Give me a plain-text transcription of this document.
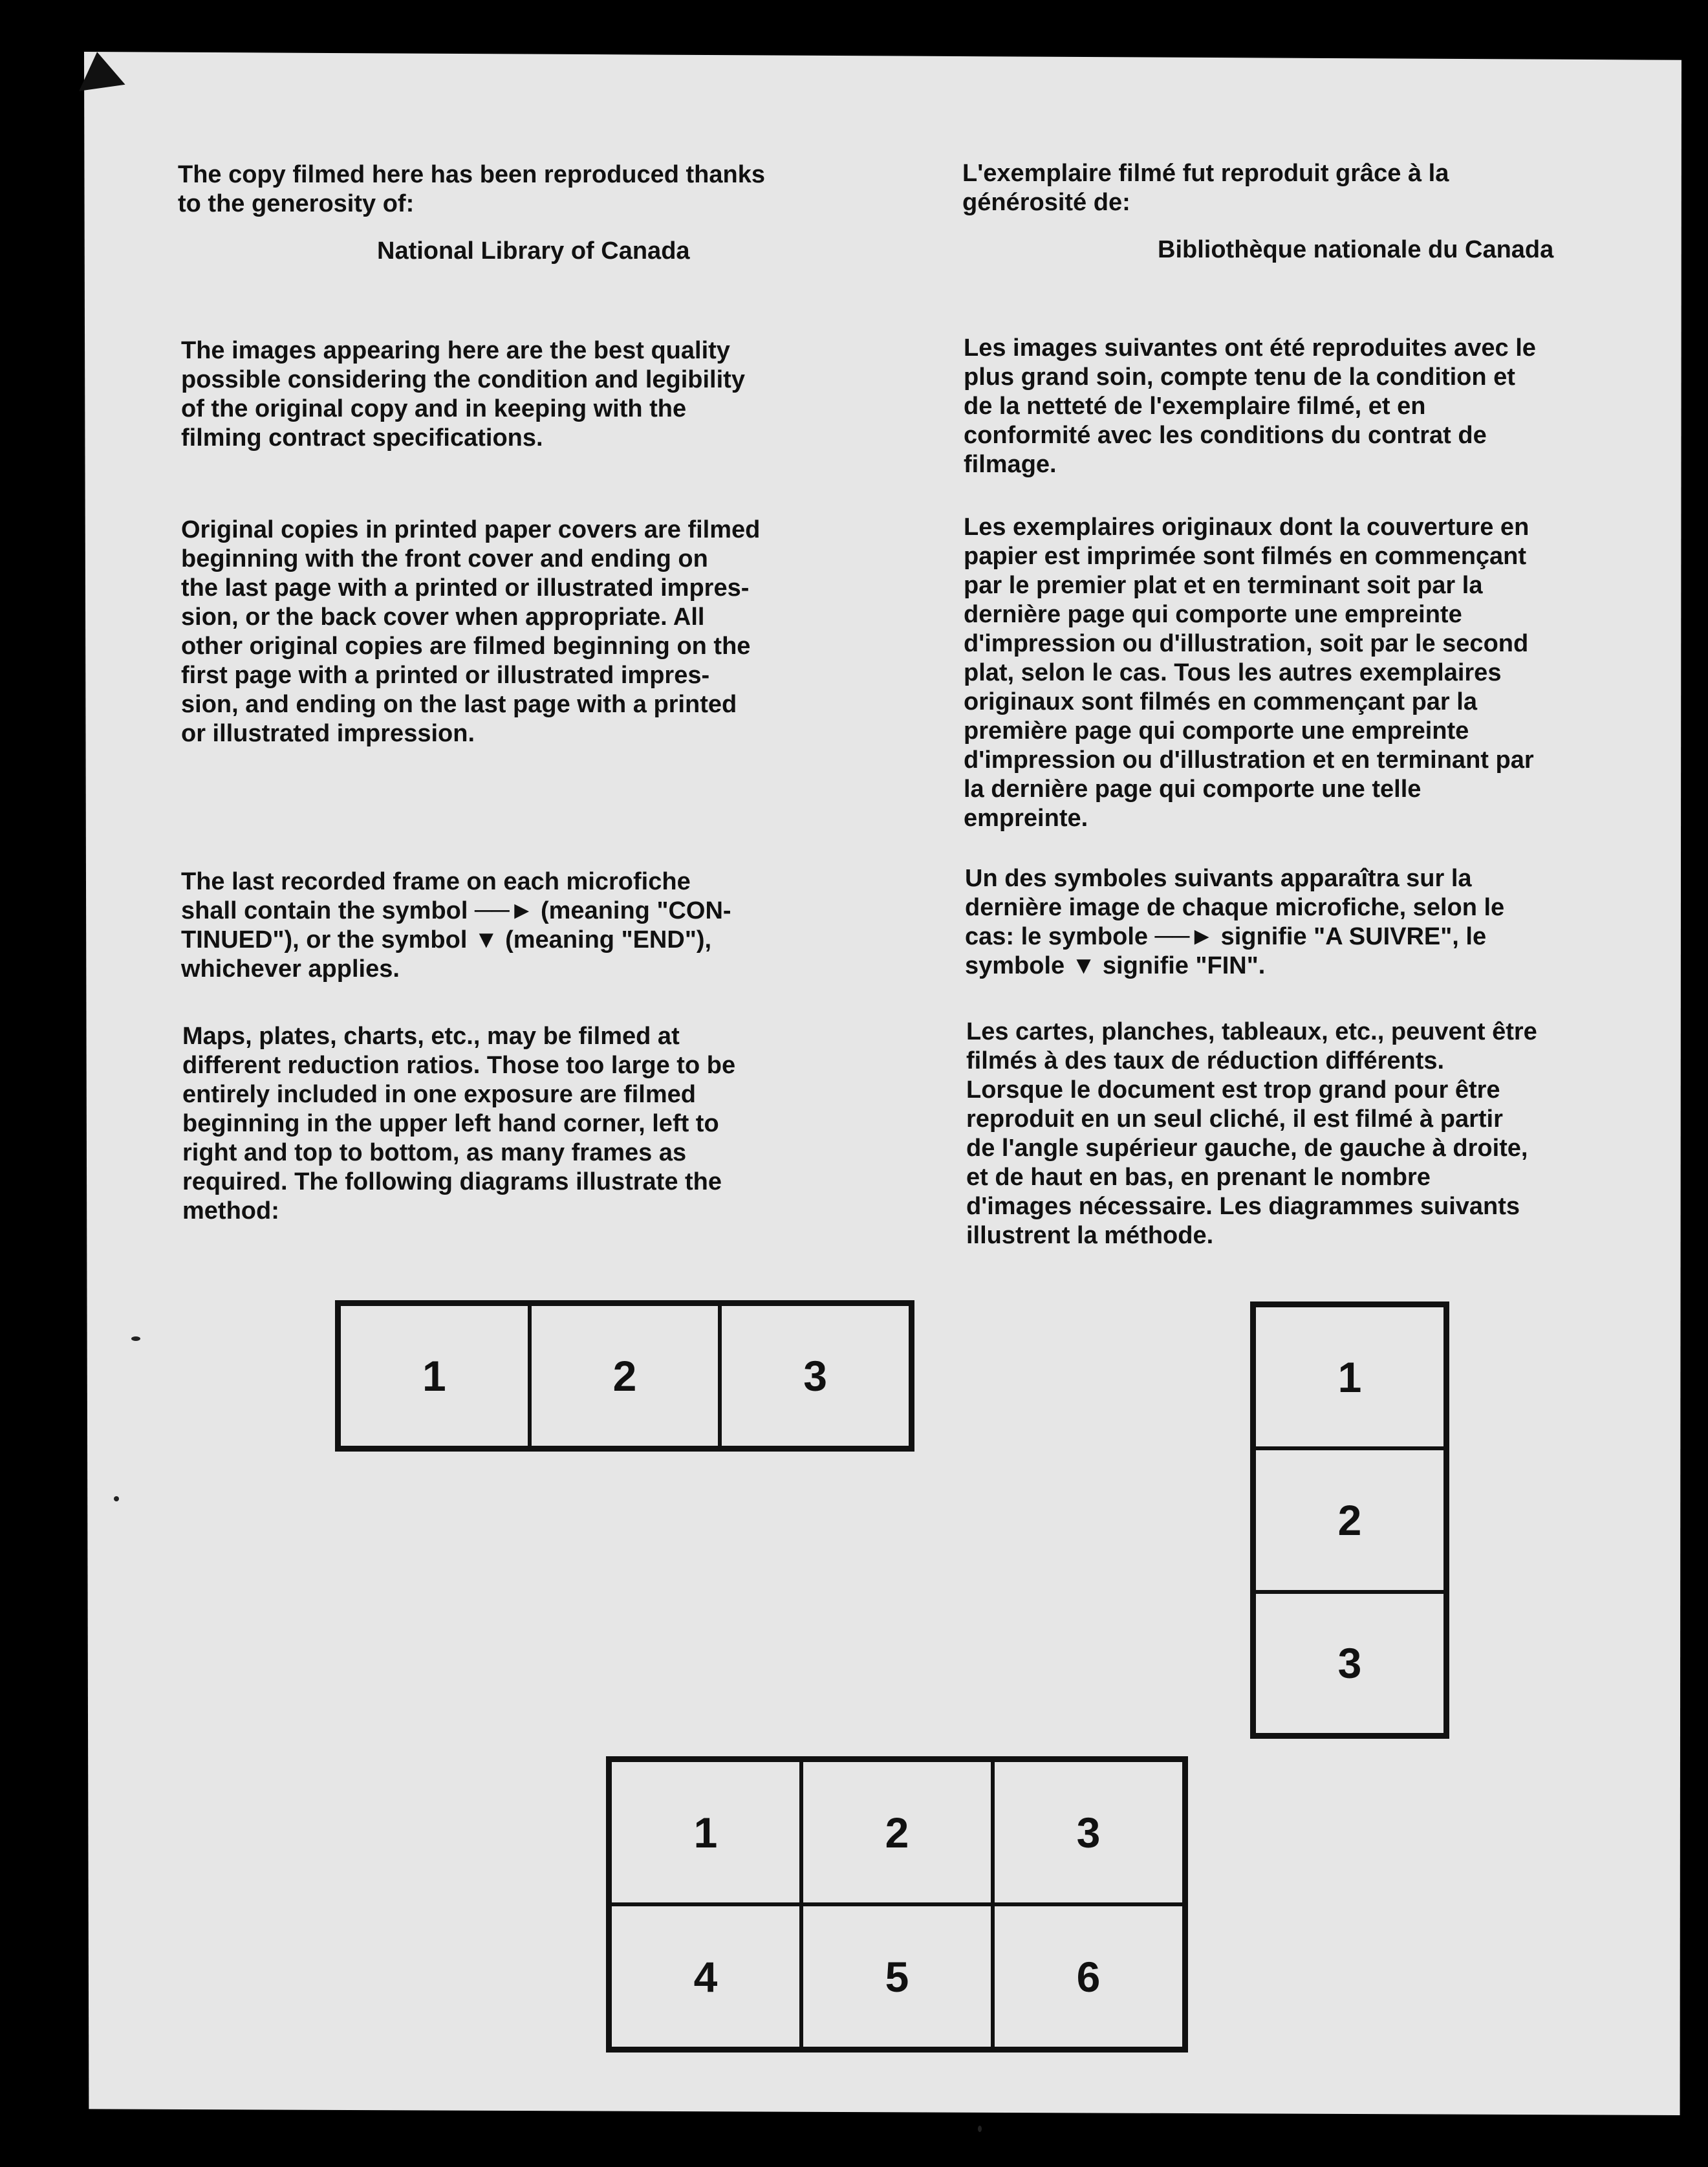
The copy filmed here has been reproduced thanks
to the generosity of:

National Library of Canada

The images appearing here are the best quality
possible considering the condition and legibility
of the original copy and in keeping with the
filming contract specifications.

Original copies in printed paper covers are filmed
beginning with the front cover and ending on
the last page with a printed or illustrated impres-
sion, or the back cover when appropriate. All
other original copies are filmed beginning on the
first page with a printed or illustrated impres-
sion, and ending on the last page with a printed
or illustrated impression.

The last recorded frame on each microfiche
shall contain the symbol ──► (meaning "CON-
TINUED"), or the symbol ▼ (meaning "END"),
whichever applies.

Maps, plates, charts, etc., may be filmed at
different reduction ratios. Those too large to be
entirely included in one exposure are filmed
beginning in the upper left hand corner, left to
right and top to bottom, as many frames as
required. The following diagrams illustrate the
method:

L'exemplaire filmé fut reproduit grâce à la
générosité de:

Bibliothèque nationale du Canada

Les images suivantes ont été reproduites avec le
plus grand soin, compte tenu de la condition et
de la netteté de l'exemplaire filmé, et en
conformité avec les conditions du contrat de
filmage.

Les exemplaires originaux dont la couverture en
papier est imprimée sont filmés en commençant
par le premier plat et en terminant soit par la
dernière page qui comporte une empreinte
d'impression ou d'illustration, soit par le second
plat, selon le cas. Tous les autres exemplaires
originaux sont filmés en commençant par la
première page qui comporte une empreinte
d'impression ou d'illustration et en terminant par
la dernière page qui comporte une telle
empreinte.

Un des symboles suivants apparaîtra sur la
dernière image de chaque microfiche, selon le
cas: le symbole ──► signifie "A SUIVRE", le
symbole ▼ signifie "FIN".

Les cartes, planches, tableaux, etc., peuvent être
filmés à des taux de réduction différents.
Lorsque le document est trop grand pour être
reproduit en un seul cliché, il est filmé à partir
de l'angle supérieur gauche, de gauche à droite,
et de haut en bas, en prenant le nombre
d'images nécessaire. Les diagrammes suivants
illustrent la méthode.

1	2	3	1
2
3
1	2	3
4	5	6
